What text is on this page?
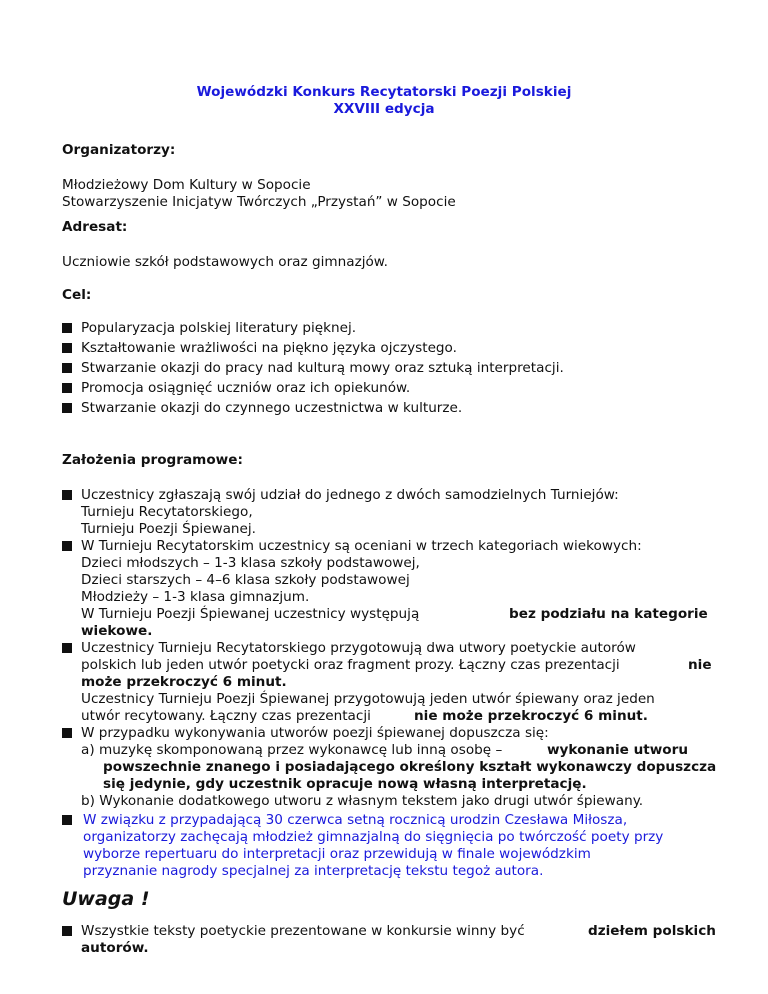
Wojewódzki Konkurs Recytatorski Poezji Polskiej
XXVIII edycja
Organizatorzy:
Młodzieżowy Dom Kultury w Sopocie
Stowarzyszenie Inicjatyw Twórczych „Przystań” w Sopocie
Adresat:
Uczniowie szkół podstawowych oraz gimnazjów.
Cel:
Popularyzacja polskiej literatury pięknej.
Kształtowanie wrażliwości na piękno języka ojczystego.
Stwarzanie okazji do pracy nad kulturą mowy oraz sztuką interpretacji.
Promocja osiągnięć uczniów oraz ich opiekunów.
Stwarzanie okazji do czynnego uczestnictwa w kulturze.
Założenia programowe:
Uczestnicy zgłaszają swój udział do jednego z dwóch samodzielnych Turniejów:
Turnieju Recytatorskiego,
Turnieju Poezji Śpiewanej.
W Turnieju Recytatorskim uczestnicy są oceniani w trzech kategoriach wiekowych:
Dzieci młodszych – 1-3 klasa szkoły podstawowej,
Dzieci starszych – 4–6 klasa szkoły podstawowej
Młodzieży – 1-3 klasa gimnazjum.
W Turnieju Poezji Śpiewanej uczestnicy występują	bez podziału na kategorie
wiekowe.
Uczestnicy Turnieju Recytatorskiego przygotowują dwa utwory poetyckie autorów
polskich lub jeden utwór poetycki oraz fragment prozy. Łączny czas prezentacji	nie
może przekroczyć 6 minut.
Uczestnicy Turnieju Poezji Śpiewanej przygotowują jeden utwór śpiewany oraz jeden
utwór recytowany. Łączny czas prezentacji	nie może przekroczyć 6 minut.
W przypadku wykonywania utworów poezji śpiewanej dopuszcza się:
a) muzykę skomponowaną przez wykonawcę lub inną osobę –	wykonanie utworu
powszechnie znanego i posiadającego określony kształt wykonawczy dopuszcza
się jedynie, gdy uczestnik opracuje nową własną interpretację.
b) Wykonanie dodatkowego utworu z własnym tekstem jako drugi utwór śpiewany.
W związku z przypadającą 30 czerwca setną rocznicą urodzin Czesława Miłosza,
organizatorzy zachęcają młodzież gimnazjalną do sięgnięcia po twórczość poety przy
wyborze repertuaru do interpretacji oraz przewidują w finale wojewódzkim
przyznanie nagrody specjalnej za interpretację tekstu tegoż autora.
Uwaga !
Wszystkie teksty poetyckie prezentowane w konkursie winny być	dziełem polskich
autorów.
